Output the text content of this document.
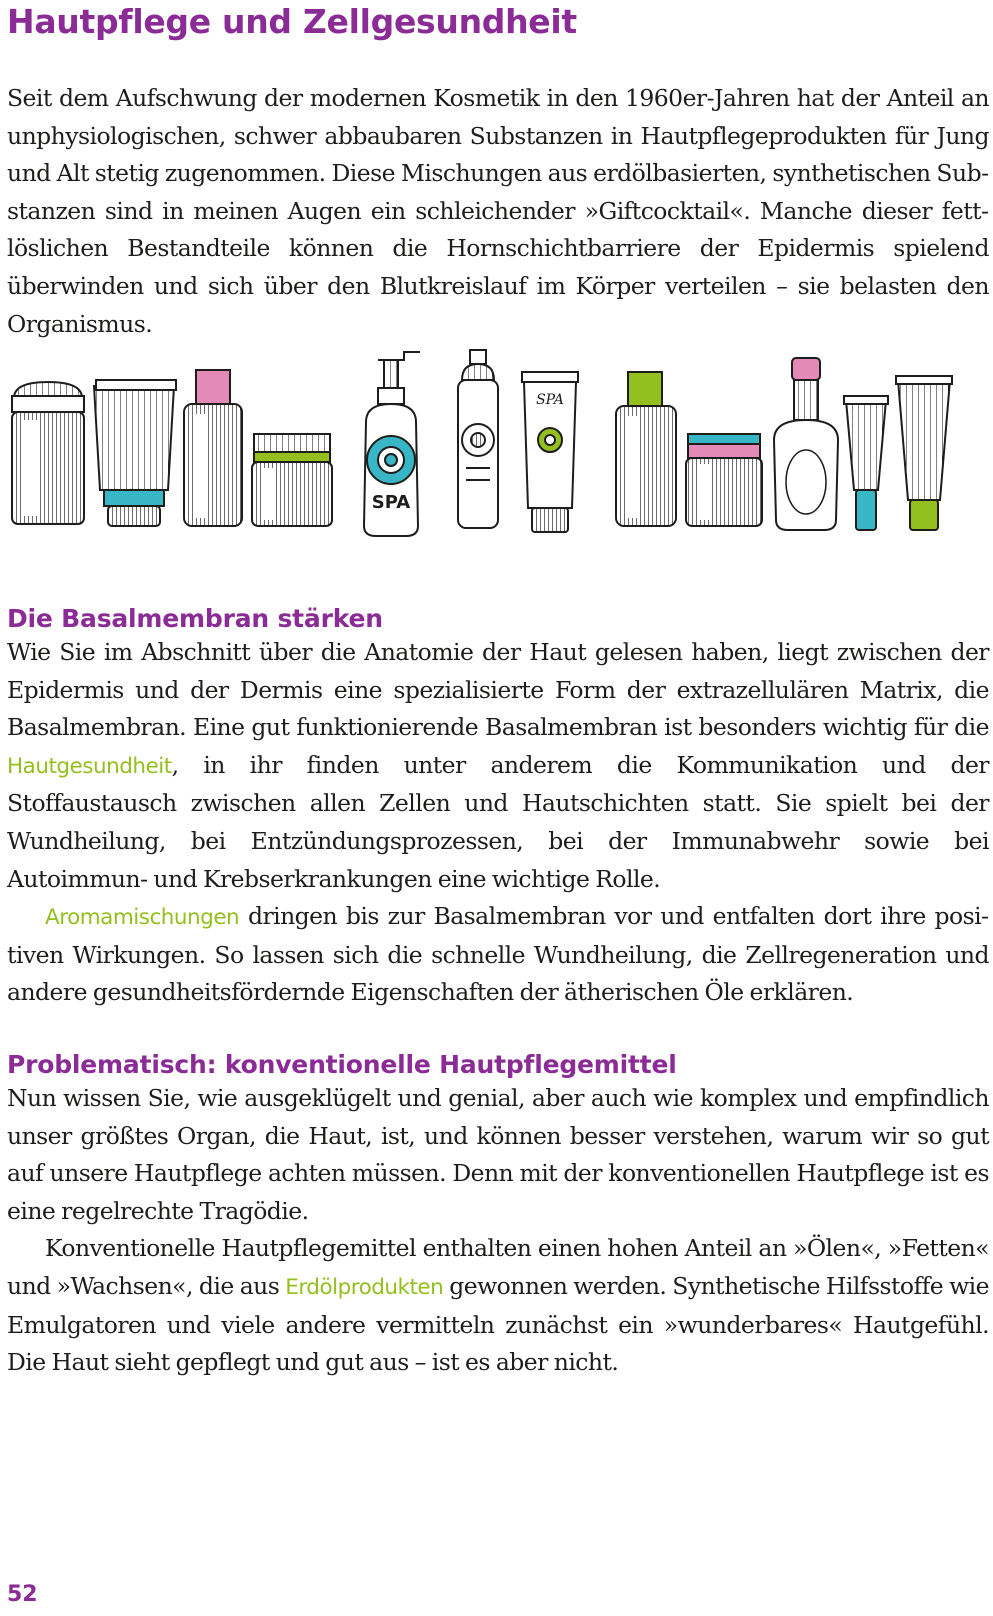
Hautpflege und Zellgesundheit

Seit dem Aufschwung der modernen Kosmetik in den 1960er-Jahren hat der Anteil an unphysiologischen, schwer abbaubaren Substanzen in Hautpflegeprodukten für Jung und Alt stetig zugenommen. Diese Mischungen aus erdölbasierten, synthetischen Substanzen sind in meinen Augen ein schleichender »Giftcocktail«. Manche dieser fettlöslichen Bestandteile können die Hornschichtbarriere der Epidermis spielend überwinden und sich über den Blutkreislauf im Körper verteilen – sie belasten den Organismus.

SPA
SPA
Die Basalmembran stärken

Wie Sie im Abschnitt über die Anatomie der Haut gelesen haben, liegt zwischen der Epidermis und der Dermis eine spezialisierte Form der extrazellulären Matrix, die Basalmembran. Eine gut funktionierende Basalmembran ist besonders wichtig für die Hautgesundheit, in ihr finden unter anderem die Kommunikation und der Stoffaustausch zwischen allen Zellen und Hautschichten statt. Sie spielt bei der Wundheilung, bei Entzündungsprozessen, bei der Immunabwehr sowie bei Autoimmun- und Krebserkrankungen eine wichtige Rolle.

Aromamischungen dringen bis zur Basalmembran vor und entfalten dort ihre positiven Wirkungen. So lassen sich die schnelle Wundheilung, die Zellregeneration und andere gesundheitsfördernde Eigenschaften der ätherischen Öle erklären.

Problematisch: konventionelle Hautpflegemittel

Nun wissen Sie, wie ausgeklügelt und genial, aber auch wie komplex und empfindlich unser größtes Organ, die Haut, ist, und können besser verstehen, warum wir so gut auf unsere Hautpflege achten müssen. Denn mit der konventionellen Hautpflege ist es eine regelrechte Tragödie.

Konventionelle Hautpflegemittel enthalten einen hohen Anteil an »Ölen«, »Fetten« und »Wachsen«, die aus Erdölprodukten gewonnen werden. Synthetische Hilfsstoffe wie Emulgatoren und viele andere vermitteln zunächst ein »wunderbares« Hautgefühl. Die Haut sieht gepflegt und gut aus – ist es aber nicht.

52
